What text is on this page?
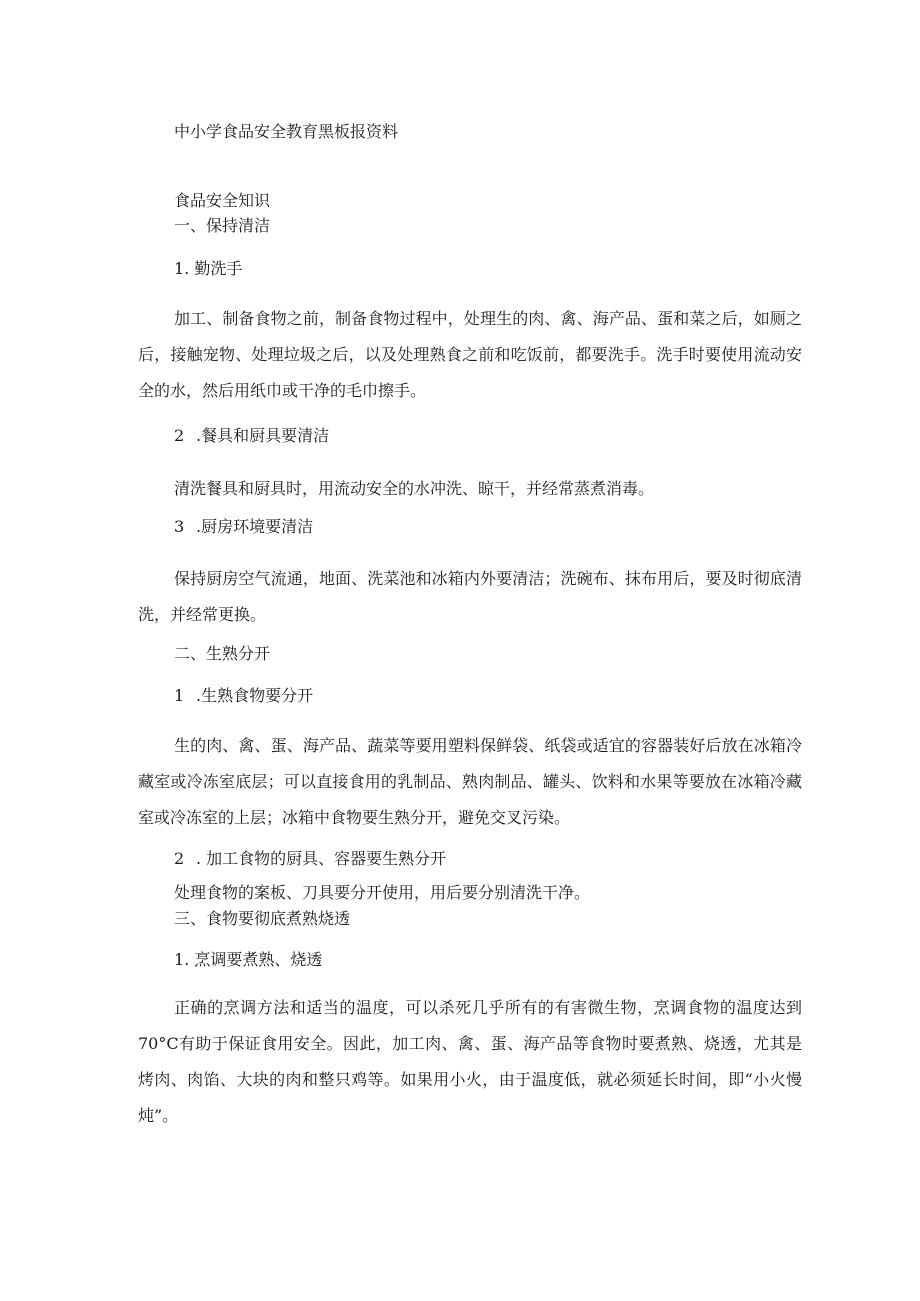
中小学食品安全教育黑板报资料

食品安全知识

一、保持清洁

1. 勤洗手

加工、制备食物之前，制备食物过程中，处理生的肉、禽、海产品、蛋和菜之后，如厕之后，接触宠物、处理垃圾之后，以及处理熟食之前和吃饭前，都要洗手。洗手时要使用流动安全的水，然后用纸巾或干净的毛巾擦手。

2 .餐具和厨具要清洁

清洗餐具和厨具时，用流动安全的水冲洗、晾干，并经常蒸煮消毒。

3 .厨房环境要清洁

保持厨房空气流通，地面、洗菜池和冰箱内外要清洁；洗碗布、抹布用后，要及时彻底清洗，并经常更换。

二、生熟分开

1 .生熟食物要分开

生的肉、禽、蛋、海产品、蔬菜等要用塑料保鲜袋、纸袋或适宜的容器装好后放在冰箱冷藏室或冷冻室底层；可以直接食用的乳制品、熟肉制品、罐头、饮料和水果等要放在冰箱冷藏室或冷冻室的上层；冰箱中食物要生熟分开，避免交叉污染。

2 . 加工食物的厨具、容器要生熟分开

处理食物的案板、刀具要分开使用，用后要分别清洗干净。

三、食物要彻底煮熟烧透

1. 烹调要煮熟、烧透

正确的烹调方法和适当的温度，可以杀死几乎所有的有害微生物，烹调食物的温度达到 70°C有助于保证食用安全。因此，加工肉、禽、蛋、海产品等食物时要煮熟、烧透，尤其是烤肉、肉馅、大块的肉和整只鸡等。如果用小火，由于温度低，就必须延长时间，即“小火慢炖”。
